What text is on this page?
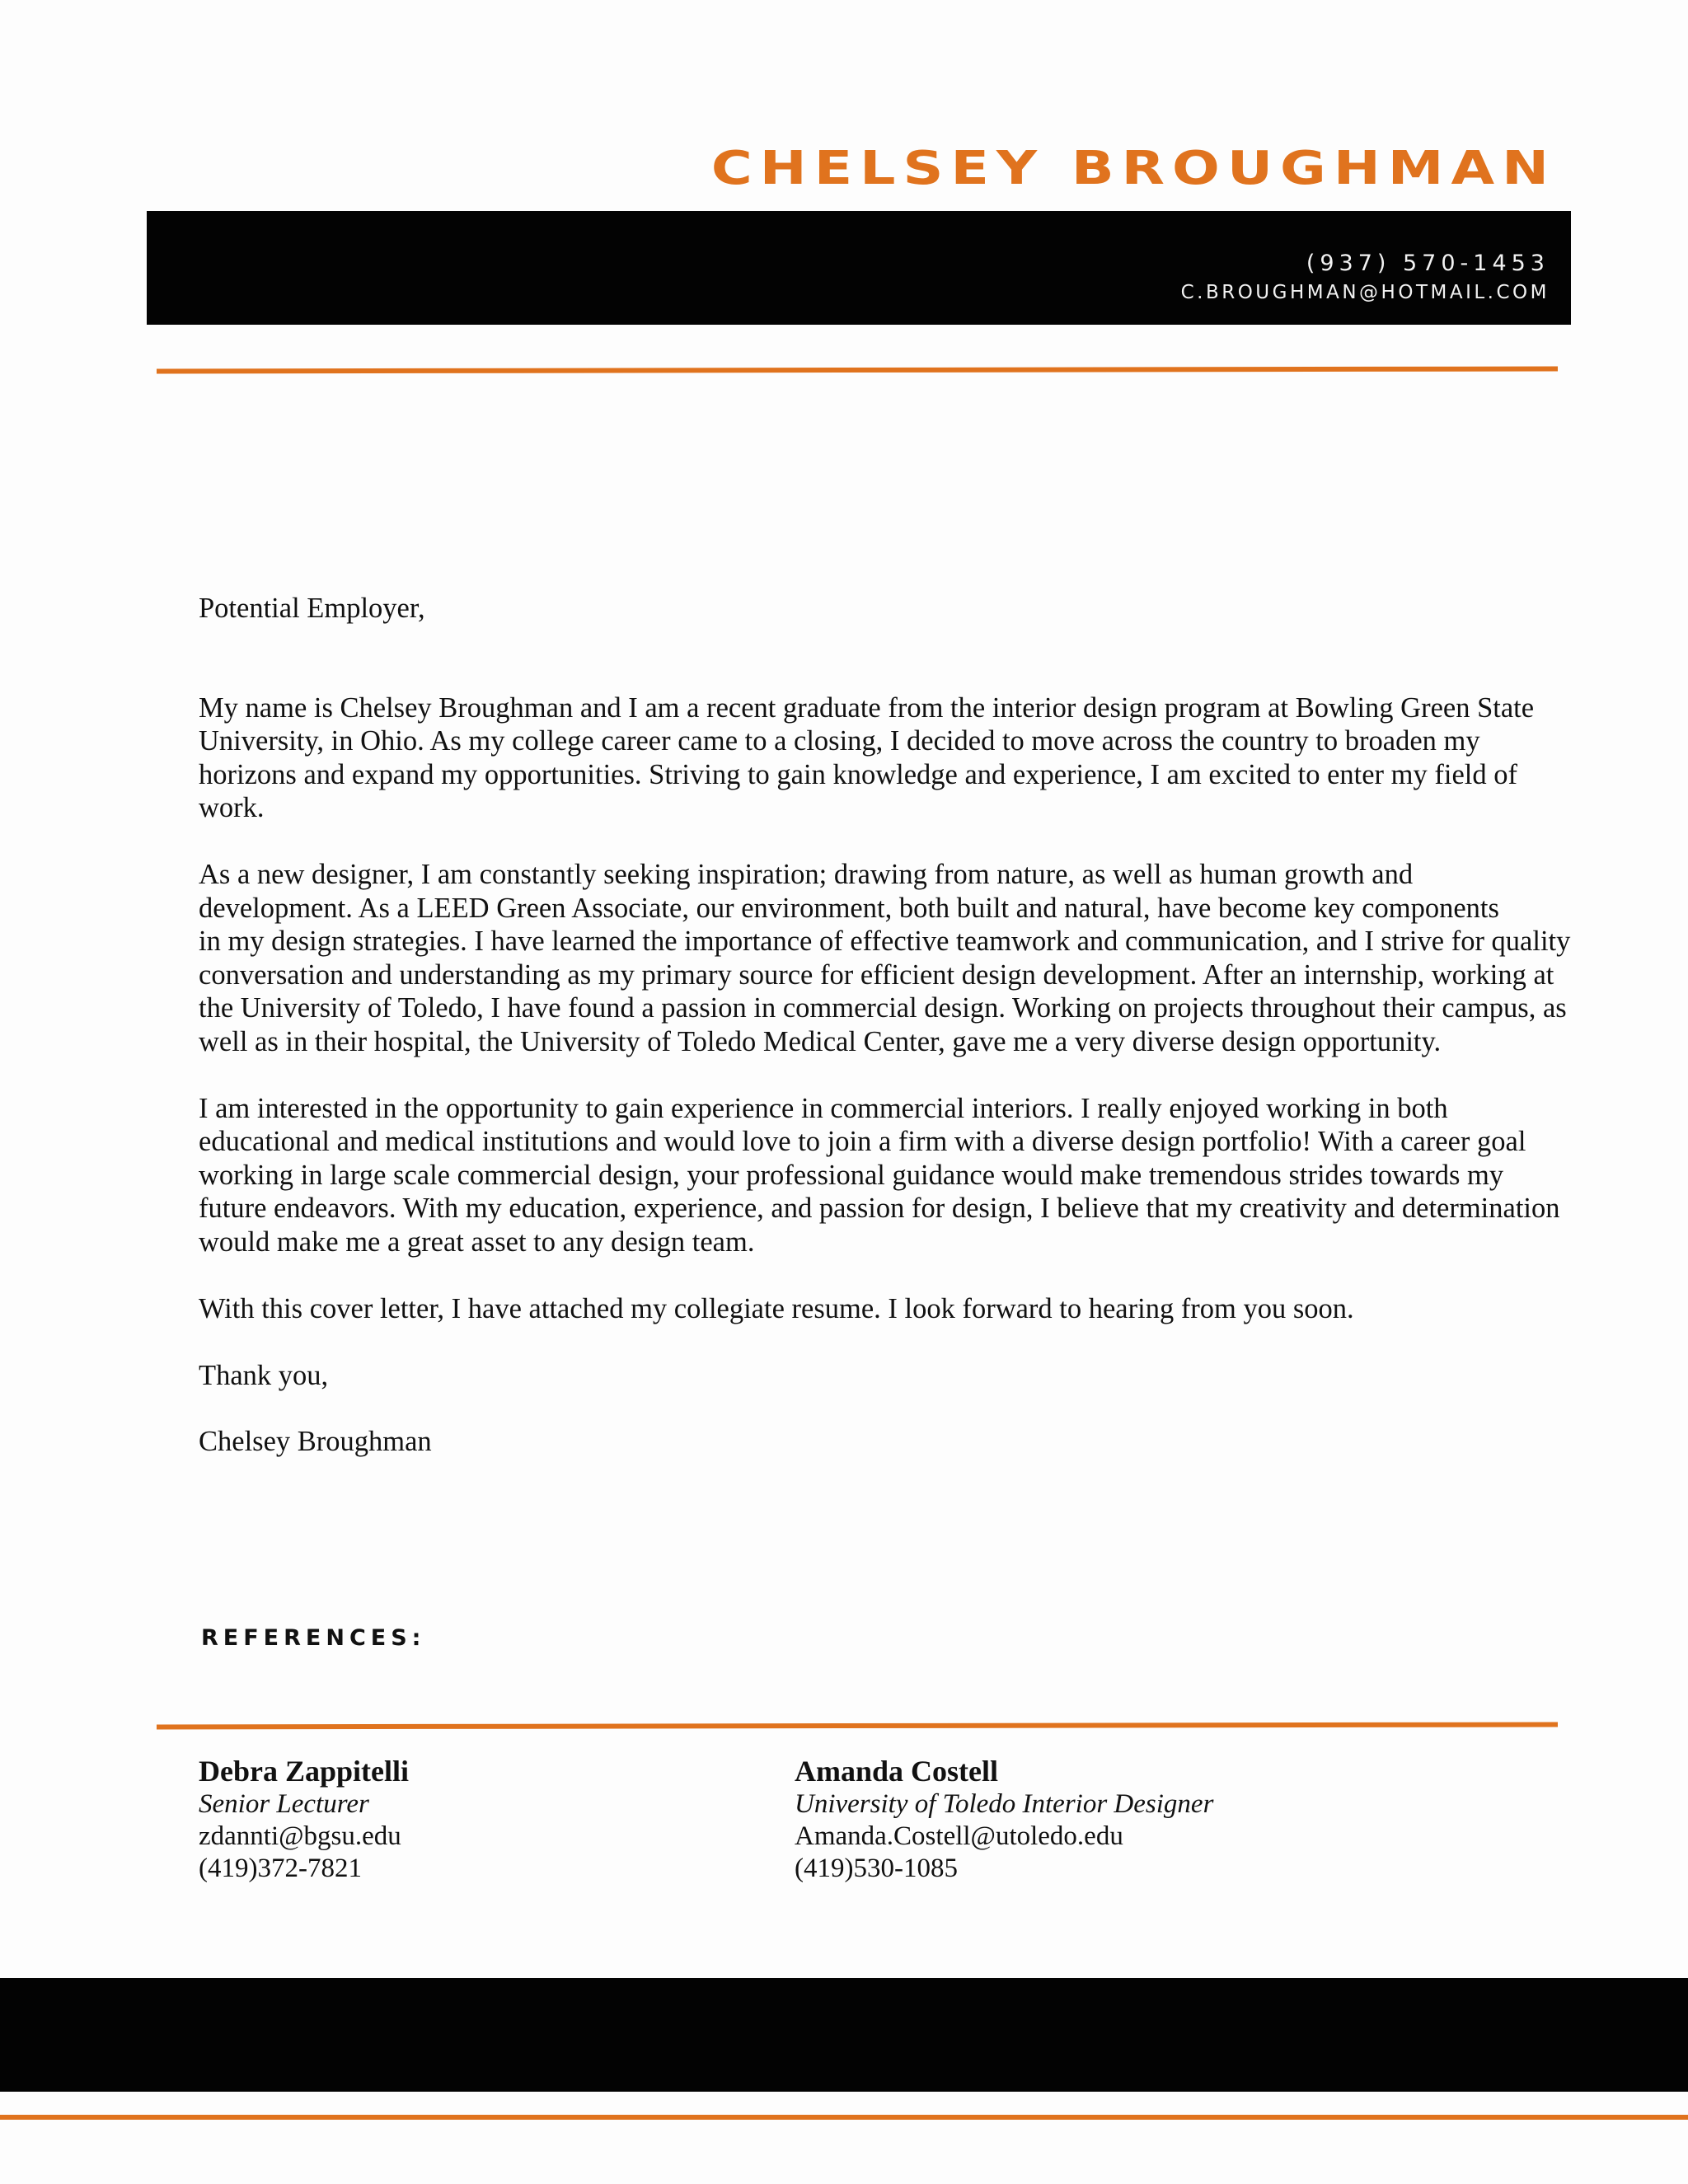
CHELSEY BROUGHMAN
(937) 570-1453
C.BROUGHMAN@HOTMAIL.COM

Potential Employer,

My name is Chelsey Broughman and I am a recent graduate from the interior design program at Bowling Green State
University, in Ohio. As my college career came to a closing, I decided to move across the country to broaden my
horizons and expand my opportunities. Striving to gain knowledge and experience, I am excited to enter my field of
work.

As a new designer, I am constantly seeking inspiration; drawing from nature, as well as human growth and
development. As a LEED Green Associate, our environment, both built and natural, have become key components
in my design strategies. I have learned the importance of effective teamwork and communication, and I strive for quality
conversation and understanding as my primary source for efficient design development. After an internship, working at
the University of Toledo, I have found a passion in commercial design. Working on projects throughout their campus, as
well as in their hospital, the University of Toledo Medical Center, gave me a very diverse design opportunity.

I am interested in the opportunity to gain experience in commercial interiors. I really enjoyed working in both
educational and medical institutions and would love to join a firm with a diverse design portfolio! With a career goal
working in large scale commercial design, your professional guidance would make tremendous strides towards my
future endeavors. With my education, experience, and passion for design, I believe that my creativity and determination
would make me a great asset to any design team.

With this cover letter, I have attached my collegiate resume. I look forward to hearing from you soon.

Thank you,

Chelsey Broughman

REFERENCES:
Debra Zappitelli
Senior Lecturer
zdannti@bgsu.edu
(419)372-7821
Amanda Costell
University of Toledo Interior Designer
Amanda.Costell@utoledo.edu
(419)530-1085
